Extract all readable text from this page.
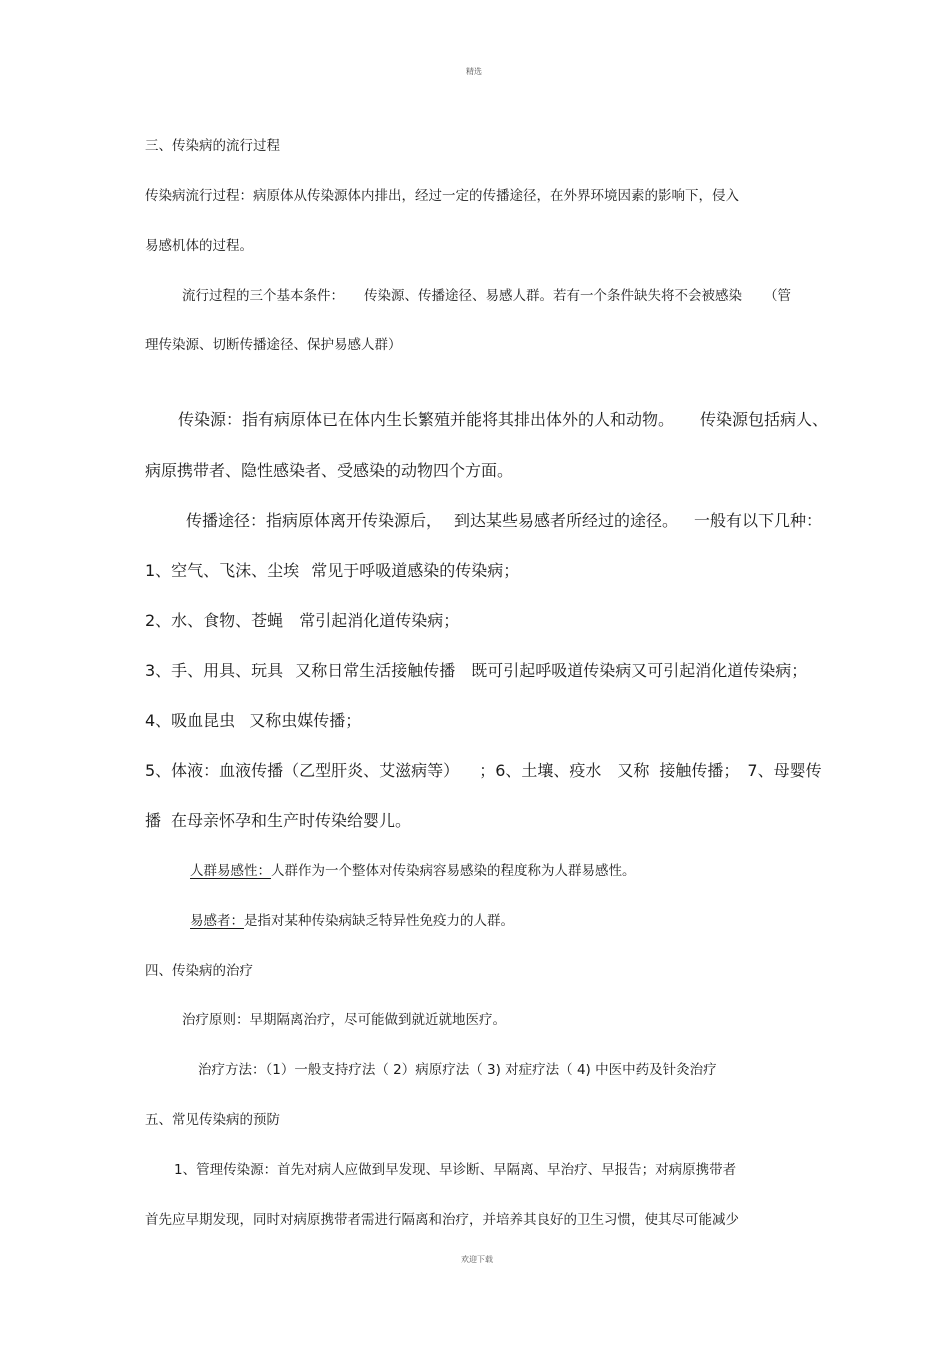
精选

三、传染病的流行过程

传染病流行过程：病原体从传染源体内排出，经过一定的传播途径，在外界环境因素的影响下，侵入

易感机体的过程。

流行过程的三个基本条件： 传染源、传播途径、易感人群。若有一个条件缺失将不会被感染 （管

理传染源、切断传播途径、保护易感人群）

传染源：指有病原体已在体内生长繁殖并能将其排出体外的人和动物。 传染源包括病人、

病原携带者、隐性感染者、受感染的动物四个方面。

传播途径：指病原体离开传染源后， 到达某些易感者所经过的途径。 一般有以下几种：

1、空气、飞沫、尘埃 常见于呼吸道感染的传染病；

2、水、食物、苍蝇 常引起消化道传染病；

3、手、用具、玩具 又称日常生活接触传播 既可引起呼吸道传染病又可引起消化道传染病；

4、吸血昆虫 又称虫媒传播；

5、体液：血液传播（乙型肝炎、艾滋病等） ；6、土壤、疫水 又称 接触传播； 7、母婴传

播 在母亲怀孕和生产时传染给婴儿。

人群易感性：人群作为一个整体对传染病容易感染的程度称为人群易感性。

易感者：是指对某种传染病缺乏特异性免疫力的人群。

四、传染病的治疗

治疗原则：早期隔离治疗，尽可能做到就近就地医疗。

治疗方法：（1）一般支持疗法（ 2）病原疗法（ 3) 对症疗法（ 4) 中医中药及针灸治疗

五、常见传染病的预防

1、管理传染源：首先对病人应做到早发现、早诊断、早隔离、早治疗、早报告；对病原携带者

首先应早期发现，同时对病原携带者需进行隔离和治疗，并培养其良好的卫生习惯，使其尽可能减少

欢迎下载
